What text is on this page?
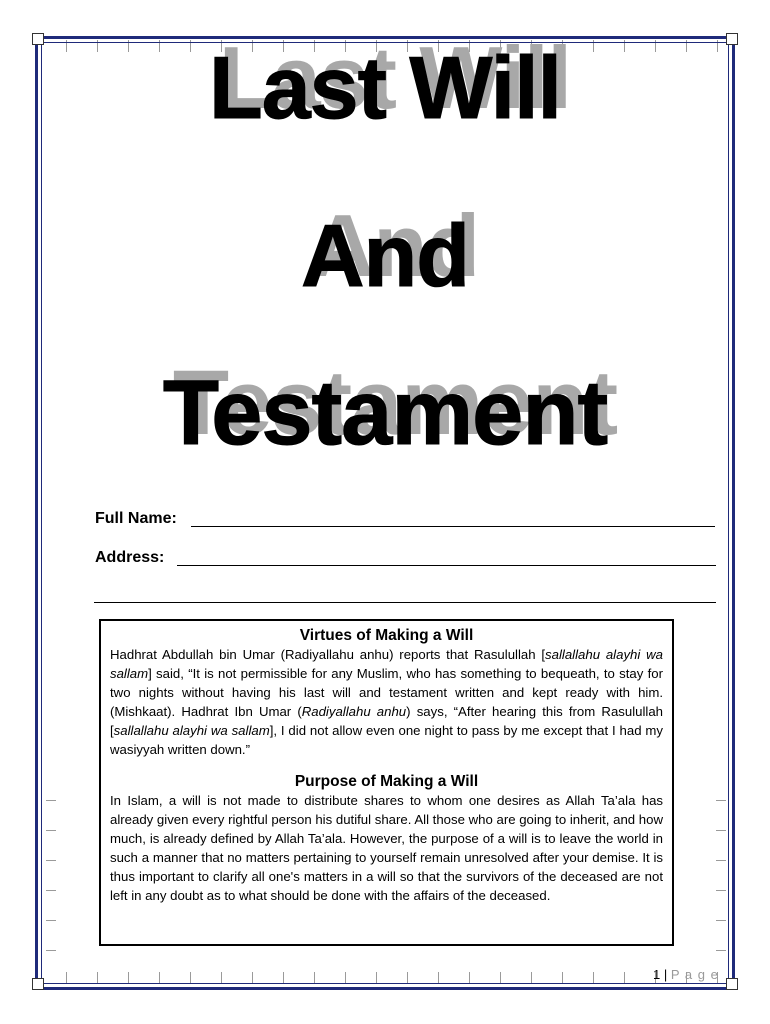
Last Will
And
Testament
Full Name:
Address:

Virtues of Making a Will

Hadhrat Abdullah bin Umar (Radiyallahu anhu) reports that Rasulullah [sallallahu alayhi wa sallam] said, “It is not permissible for any Muslim, who has something to bequeath, to stay for two nights without having his last will and testament written and kept ready with him. (Mishkaat). Hadhrat Ibn Umar (Radiyallahu anhu) says, “After hearing this from Rasulullah [sallallahu alayhi wa sallam], I did not allow even one night to pass by me except that I had my wasiyyah written down.”

Purpose of Making a Will

In Islam, a will is not made to distribute shares to whom one desires as Allah Ta’ala has already given every rightful person his dutiful share. All those who are going to inherit, and how much, is already defined by Allah Ta’ala. However, the purpose of a will is to leave the world in such a manner that no matters pertaining to yourself remain unresolved after your demise. It is thus important to clarify all one's matters in a will so that the survivors of the deceased are not left in any doubt as to what should be done with the affairs of the deceased.

1 | P a g e
